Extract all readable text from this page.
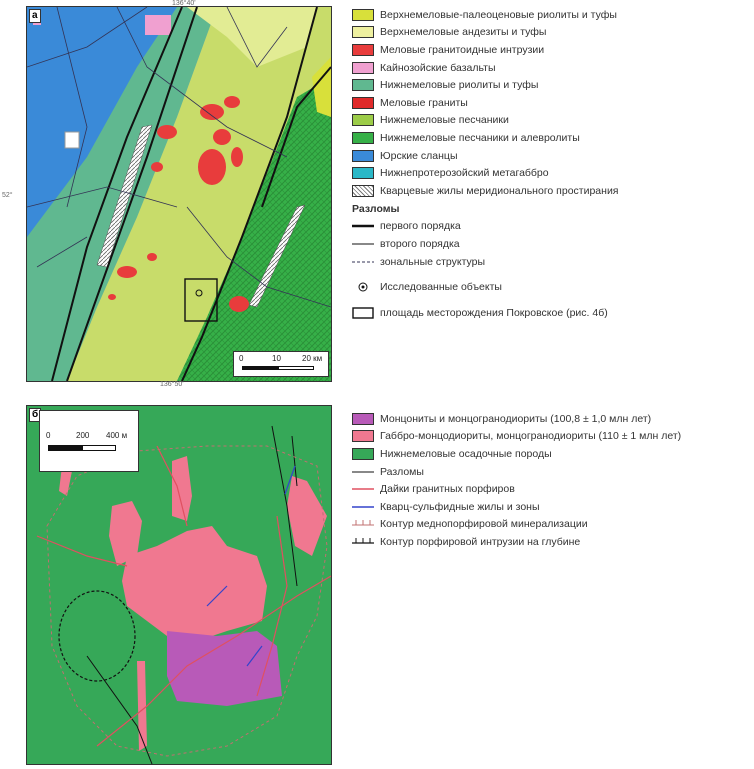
а
0	10	20 км
136°40'
136°50'
52°
б
0	200 400 м
Верхнемеловые-палеоценовые риолиты и туфы
Верхнемеловые андезиты и туфы
Меловые гранитоидные интрузии
Кайнозойские базальты
Нижнемеловые риолиты и туфы
Меловые граниты
Нижнемеловые песчаники
Нижнемеловые песчаники и алевролиты
Юрские сланцы
Нижнепротерозойский метагаббро
Кварцевые жилы меридионального простирания
Разломы
первого порядка
второго порядка
зональные структуры
Исследованные объекты
площадь месторождения Покровское (рис. 4б)
Монцониты и монцогранодиориты (100,8 ± 1,0 млн лет)
Габбро-монцодиориты, монцогранодиориты (110 ± 1 млн лет)
Нижнемеловые осадочные породы
Разломы
Дайки гранитных порфиров
Кварц-сульфидные жилы и зоны
Контур меднопорфировой минерализации
Контур порфировой интрузии на глубине
